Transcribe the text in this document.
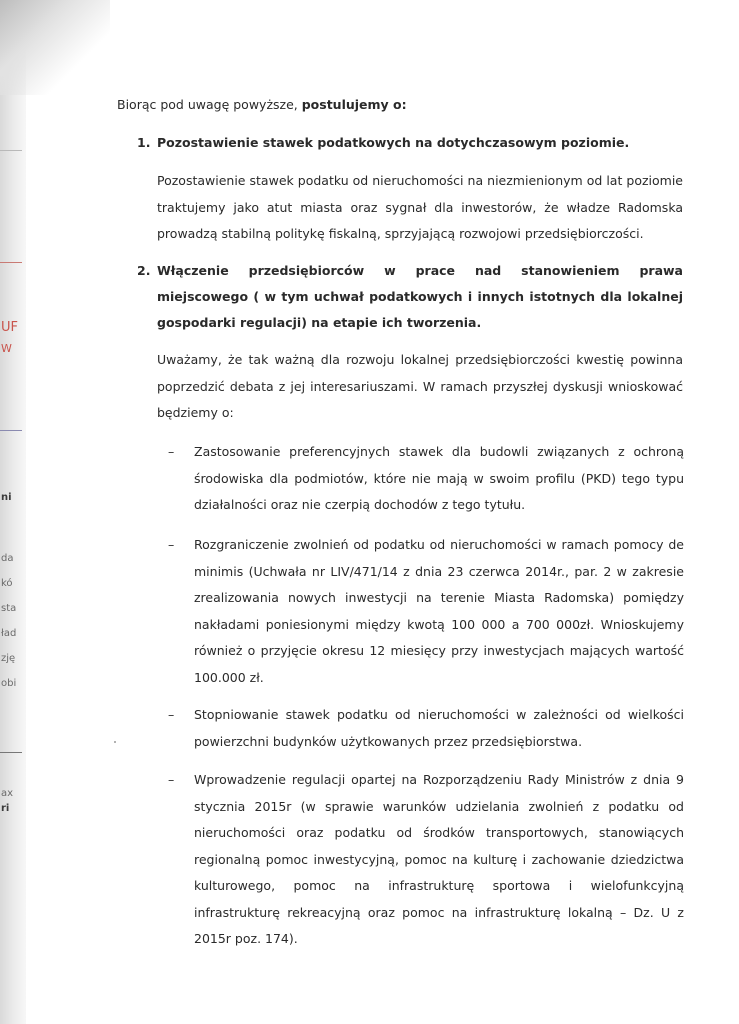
UF
W
ni
da
kó
sta
ład
zję
obi
ax
ri

Biorąc pod uwagę powyższe, postulujemy o:

1. Pozostawienie stawek podatkowych na dotychczasowym poziomie.

Pozostawienie stawek podatku od nieruchomości na niezmienionym od lat poziomie traktujemy jako atut miasta oraz sygnał dla inwestorów, że władze Radomska prowadzą stabilną politykę fiskalną, sprzyjającą rozwojowi przedsiębiorczości.

2. Włączenie przedsiębiorców w prace nad stanowieniem prawa miejscowego ( w tym uchwał podatkowych i innych istotnych dla lokalnej gospodarki regulacji) na etapie ich tworzenia.

Uważamy, że tak ważną dla rozwoju lokalnej przedsiębiorczości kwestię powinna poprzedzić debata z jej interesariuszami. W ramach przyszłej dyskusji wnioskować będziemy o:

– Zastosowanie preferencyjnych stawek dla budowli związanych z ochroną środowiska dla podmiotów, które nie mają w swoim profilu (PKD) tego typu działalności oraz nie czerpią dochodów z tego tytułu.
– Rozgraniczenie zwolnień od podatku od nieruchomości w ramach pomocy de minimis (Uchwała nr LIV/471/14 z dnia 23 czerwca 2014r., par. 2 w zakresie zrealizowania nowych inwestycji na terenie Miasta Radomska) pomiędzy nakładami poniesionymi między kwotą 100 000 a 700 000zł. Wnioskujemy również o przyjęcie okresu 12 miesięcy przy inwestycjach mających wartość 100.000 zł.
– Stopniowanie stawek podatku od nieruchomości w zależności od wielkości powierzchni budynków użytkowanych przez przedsiębiorstwa.
– Wprowadzenie regulacji opartej na Rozporządzeniu Rady Ministrów z dnia 9 stycznia 2015r (w sprawie warunków udzielania zwolnień z podatku od nieruchomości oraz podatku od środków transportowych, stanowiących regionalną pomoc inwestycyjną, pomoc na kulturę i zachowanie dziedzictwa kulturowego, pomoc na infrastrukturę sportowa i wielofunkcyjną infrastrukturę rekreacyjną oraz pomoc na infrastrukturę lokalną – Dz. U z 2015r poz. 174).
